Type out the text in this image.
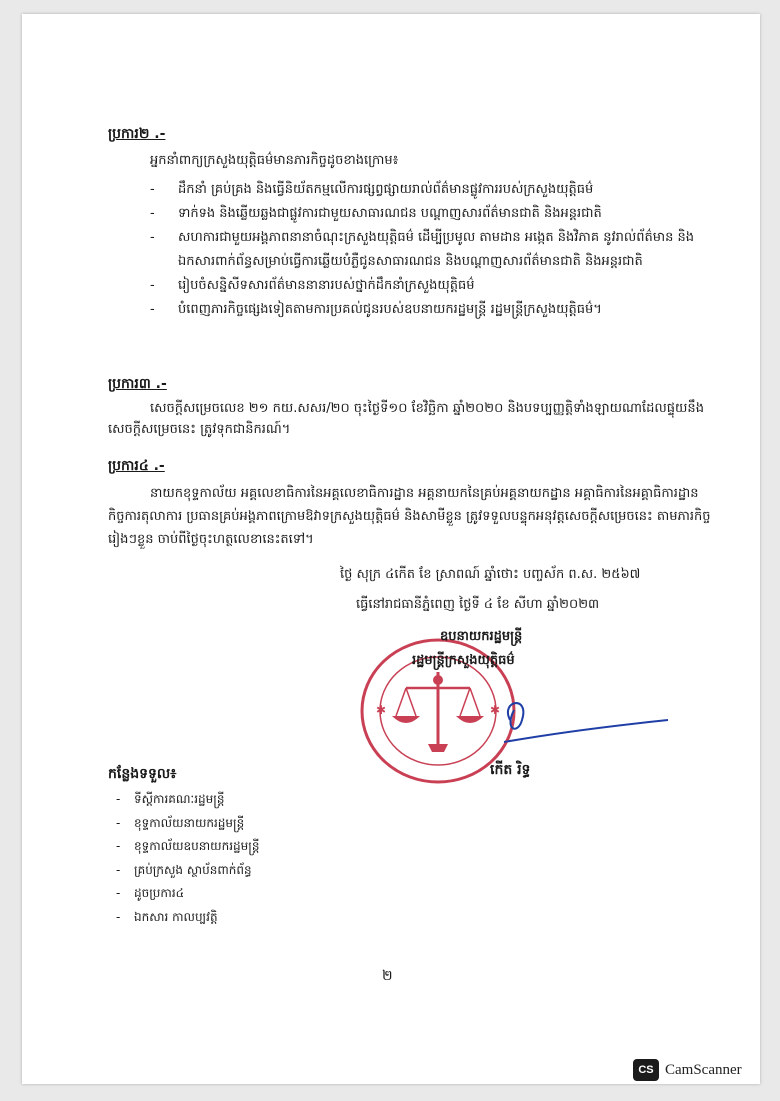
ប្រការ២ .-
អ្នកនាំពាក្យក្រសួងយុត្តិធម៌មានភារកិច្ចដូចខាងក្រោម៖
- ដឹកនាំ គ្រប់គ្រង និងធ្វើនិយ័តកម្មលើការផ្សព្វផ្សាយរាល់ព័ត៌មានផ្លូវការរបស់ក្រសួងយុត្តិធម៌
- ទាក់ទង និងឆ្លើយឆ្លងជាផ្លូវការជាមួយសាធារណជន បណ្តាញសារព័ត៌មានជាតិ និងអន្តរជាតិ
- សហការជាមួយអង្គភាពនានាចំណុះក្រសួងយុត្តិធម៌ ដើម្បីប្រមូល តាមដាន អង្កេត និងវិភាគ នូវរាល់ព័ត៌មាន និងឯកសារពាក់ព័ន្ធសម្រាប់ធ្វើការឆ្លើយបំភ្លឺជូនសាធារណជន និងបណ្តាញសារព័ត៌មានជាតិ និងអន្តរជាតិ
- រៀបចំសន្និសីទសារព័ត៌មាននានារបស់ថ្នាក់ដឹកនាំក្រសួងយុត្តិធម៌
- បំពេញភារកិច្ចផ្សេងទៀតតាមការប្រគល់ជូនរបស់ឧបនាយករដ្ឋមន្ត្រី រដ្ឋមន្ត្រីក្រសួងយុត្តិធម៌។
ប្រការ៣ .-
សេចក្តីសម្រេចលេខ ២១ កយ.សសរ/២០ ចុះថ្ងៃទី១០ ខែវិច្ឆិកា ឆ្នាំ២០២០ និងបទប្បញ្ញត្តិទាំងឡាយណាដែលផ្ទុយនឹងសេចក្តីសម្រេចនេះ ត្រូវទុកជានិករណ៍។
ប្រការ៤ .-
នាយកខុទ្ទកាល័យ អគ្គលេខាធិការនៃអគ្គលេខាធិការដ្ឋាន អគ្គនាយកនៃគ្រប់អគ្គនាយកដ្ឋាន អគ្គាធិការនៃអគ្គាធិការដ្ឋានកិច្ចការតុលាការ ប្រធានគ្រប់អង្គភាពក្រោមឱវាទក្រសួងយុត្តិធម៌ និងសាមីខ្លួន ត្រូវទទួលបន្ទុកអនុវត្តសេចក្តីសម្រេចនេះ តាមភារកិច្ចរៀងៗខ្លួន ចាប់ពីថ្ងៃចុះហត្ថលេខានេះតទៅ។
ថ្ងៃ សុក្រ ៤កើត ខែ ស្រាពណ៍ ឆ្នាំថោះ បញ្ចស័ក ព.ស. ២៥៦៧
ធ្វើនៅរាជធានីភ្នំពេញ ថ្ងៃទី ៤ ខែ សីហា ឆ្នាំ២០២៣
✱	✱
ឧបនាយករដ្ឋមន្ត្រី
រដ្ឋមន្ត្រីក្រសួងយុត្តិធម៌
កើត រិទ្ធ
កន្លែងទទួល៖
- ទីស្តីការគណៈរដ្ឋមន្ត្រី
- ខុទ្ទកាល័យនាយករដ្ឋមន្ត្រី
- ខុទ្ទកាល័យឧបនាយករដ្ឋមន្ត្រី
- គ្រប់ក្រសួង ស្ថាប័នពាក់ព័ន្ធ
- ដូចប្រការ៤
- ឯកសារ កាលប្បវត្តិ
២
CS CamScanner
